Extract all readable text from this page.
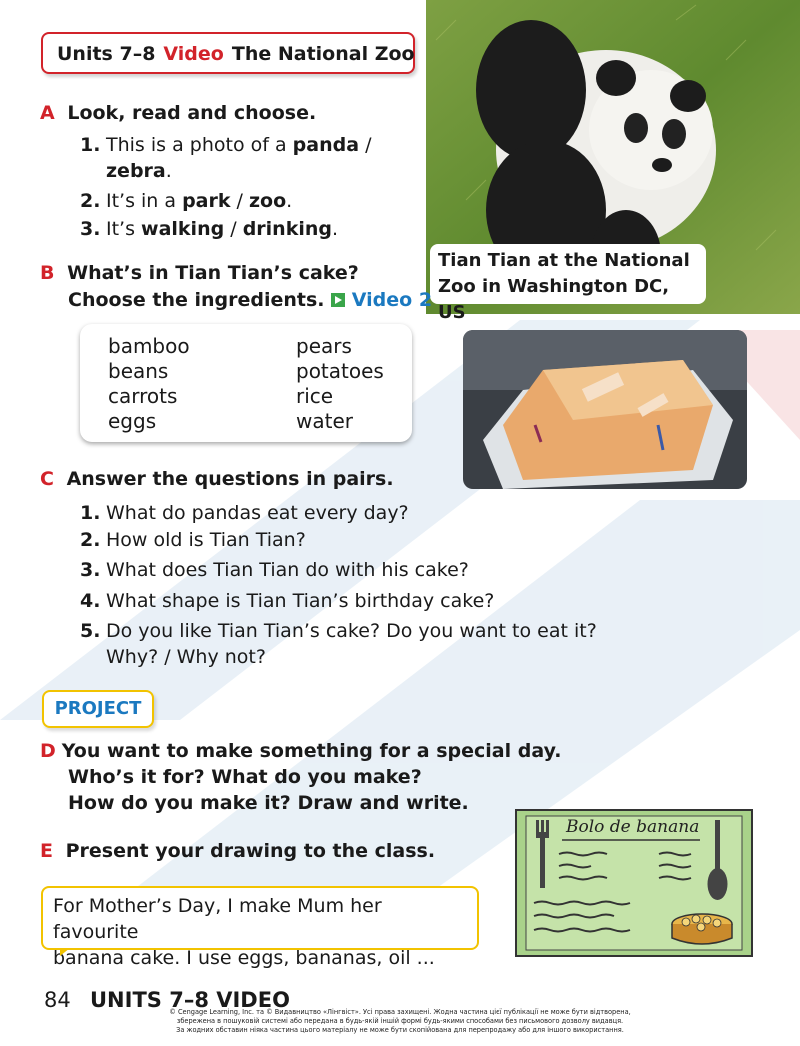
Units 7–8 Video The National Zoo
Tian Tian at the National
Zoo in Washington DC, US
A Look, read and choose.
1. This is a photo of a panda /
zebra.
2. It’s in a park / zoo.
3. It’s walking / drinking.
B What’s in Tian Tian’s cake?
Choose the ingredients. Video 2
bamboo
beans
carrots
eggs
pears
potatoes
rice
water
C Answer the questions in pairs.
1. What do pandas eat every day?
2. How old is Tian Tian?
3. What does Tian Tian do with his cake?
4. What shape is Tian Tian’s birthday cake?
5. Do you like Tian Tian’s cake? Do you want to eat it?
Why? / Why not?
PROJECT
D You want to make something for a special day.
Who’s it for? What do you make?
How do you make it? Draw and write.
E Present your drawing to the class.
For Mother’s Day, I make Mum her favourite
banana cake. I use eggs, bananas, oil ...
Bolo de banana
84 UNITS 7–8 VIDEO
© Cengage Learning, Inc. та © Видавництво «Лінгвіст». Усі права захищені. Жодна частина цієї публікації не може бути відтворена,
збережена в пошуковій системі або передана в будь-якій іншій формі будь-якими способами без письмового дозволу видавця.
За жодних обставин ніяка частина цього матеріалу не може бути скопійована для перепродажу або для іншого використання.
